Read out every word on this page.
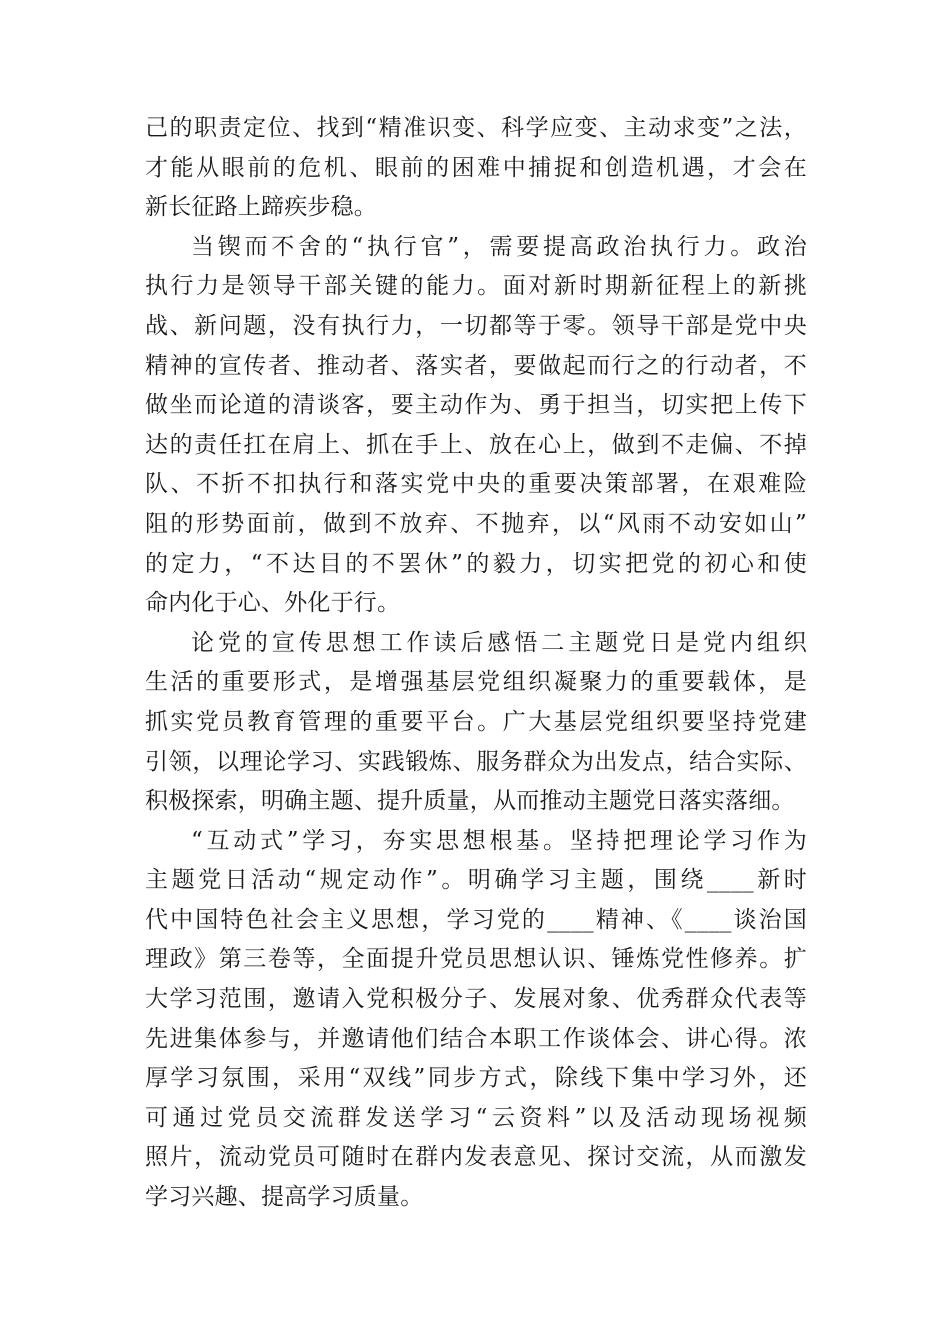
己的职责定位、找到“精准识变、科学应变、主动求变”之法，
才能从眼前的危机、眼前的困难中捕捉和创造机遇，才会在
新长征路上蹄疾步稳。
当锲而不舍的“执行官”，需要提高政治执行力。政治
执行力是领导干部关键的能力。面对新时期新征程上的新挑
战、新问题，没有执行力，一切都等于零。领导干部是党中央
精神的宣传者、推动者、落实者，要做起而行之的行动者，不
做坐而论道的清谈客，要主动作为、勇于担当，切实把上传下
达的责任扛在肩上、抓在手上、放在心上，做到不走偏、不掉
队、不折不扣执行和落实党中央的重要决策部署，在艰难险
阻的形势面前，做到不放弃、不抛弃，以“风雨不动安如山”
的定力，“不达目的不罢休”的毅力，切实把党的初心和使
命内化于心、外化于行。
论党的宣传思想工作读后感悟二主题党日是党内组织
生活的重要形式，是增强基层党组织凝聚力的重要载体，是
抓实党员教育管理的重要平台。广大基层党组织要坚持党建
引领，以理论学习、实践锻炼、服务群众为出发点，结合实际、
积极探索，明确主题、提升质量，从而推动主题党日落实落细。
“互动式”学习，夯实思想根基。坚持把理论学习作为
主题党日活动“规定动作”。明确学习主题，围绕____新时
代中国特色社会主义思想，学习党的____精神、《____谈治国
理政》第三卷等，全面提升党员思想认识、锤炼党性修养。扩
大学习范围，邀请入党积极分子、发展对象、优秀群众代表等
先进集体参与，并邀请他们结合本职工作谈体会、讲心得。浓
厚学习氛围，采用“双线”同步方式，除线下集中学习外，还
可通过党员交流群发送学习“云资料”以及活动现场视频
照片，流动党员可随时在群内发表意见、探讨交流，从而激发
学习兴趣、提高学习质量。
